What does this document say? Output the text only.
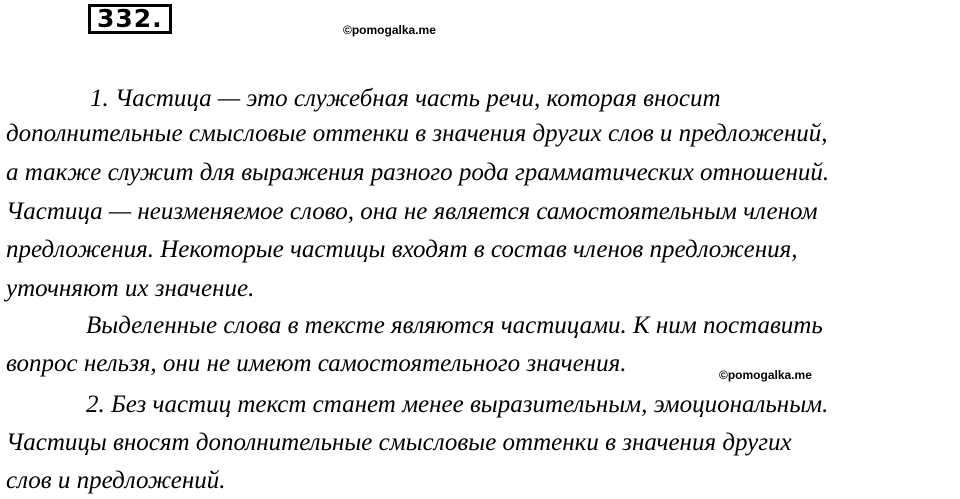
332.	©pomogalka.me
1. Частица — это служебная часть речи, которая вносит
дополнительные смысловые оттенки в значения других слов и предложений,
а также служит для выражения разного рода грамматических отношений.
Частица — неизменяемое слово, она не является самостоятельным членом
предложения. Некоторые частицы входят в состав членов предложения,
уточняют их значение.
Выделенные слова в тексте являются частицами. К ним поставить
вопрос нельзя, они не имеют самостоятельного значения.
2. Без частиц текст станет менее выразительным, эмоциональным.
Частицы вносят дополнительные смысловые оттенки в значения других
слов и предложений.
©pomogalka.me
